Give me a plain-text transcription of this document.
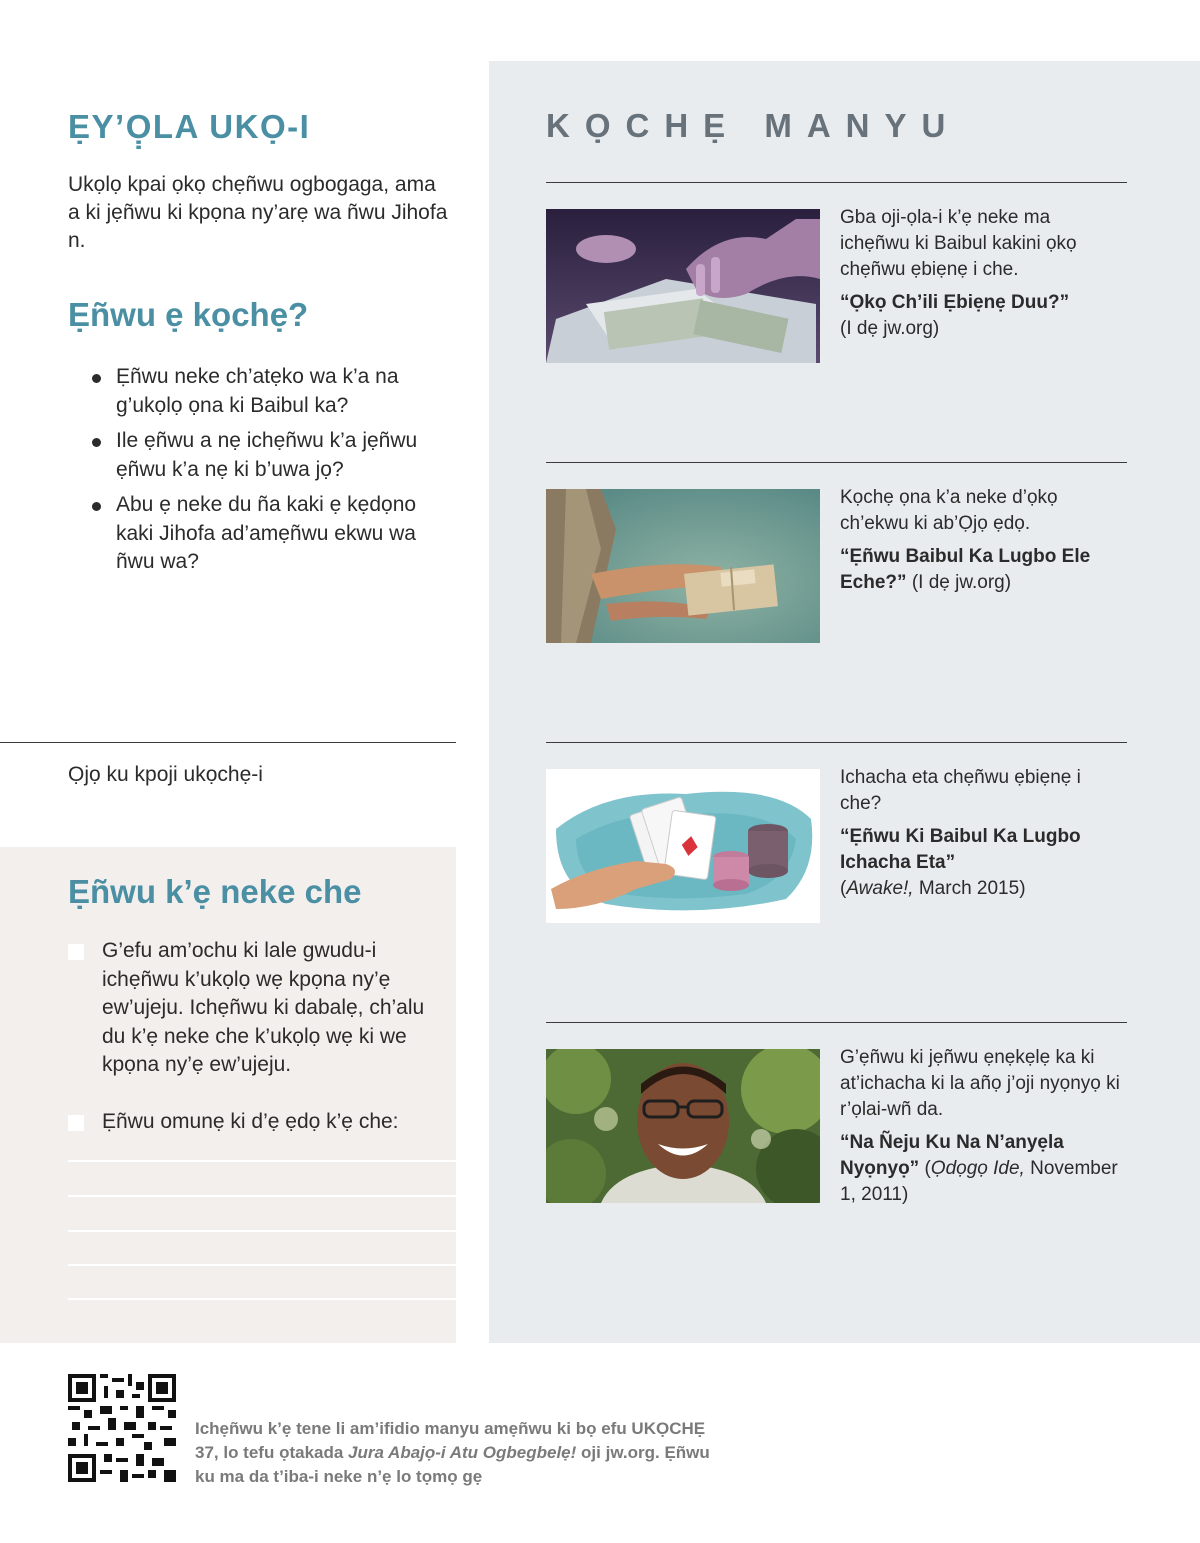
ẸY’Ọ̣LA UKỌ-I

Ukọlọ kpai ọkọ chẹñwu ogbogaga, ama a ki jẹñwu ki kpọna ny’arẹ wa ñwu Jihofa n.

Ẹñwu ẹ kọchẹ?
Ẹñwu neke ch’atẹko wa k’a na g’ukọlọ ọna ki Baibul ka?
Ile ẹñwu a nẹ ichẹñwu k’a jẹñwu ẹñwu k’a nẹ ki b’uwa jọ?
Abu ẹ neke du ña kaki ẹ kẹdọno kaki Jihofa ad’amẹñwu ekwu wa ñwu wa?

Ọjọ ku kpoji ukọchẹ-i

Ẹñwu k’ẹ neke che
G’efu am’ochu ki lale gwudu-i ichẹñwu k’ukọlọ wẹ kpọna ny’ẹ ew’ujeju. Ichẹñwu ki dabalẹ, ch’alu du k’ẹ neke che k’ukọlọ wẹ ki we kpọna ny’ẹ ew’ujeju.
Ẹñwu omunẹ ki d’ẹ ẹdọ k’ẹ che:
KỌCHẸ MANYU

Gba oji-ọla-i k’ẹ neke ma ichẹñwu ki Baibul kakini ọkọ chẹñwu ẹbiẹnẹ i che.

“Ọkọ Ch’ili Ẹbiẹnẹ Duu?”
(I dẹ jw.org)

Kọchẹ ọna k’a neke d’ọkọ ch’ekwu ki ab’Ọjọ ẹdọ.

“Ẹñwu Baibul Ka Lugbo Ele Eche?” (I dẹ jw.org)

Ichacha eta chẹñwu ẹbiẹnẹ i che?

“Ẹñwu Ki Baibul Ka Lugbo Ichacha Eta”
(Awake!, March 2015)

G’ẹñwu ki jẹñwu ẹnẹkẹlẹ ka ki at’ichacha ki la añọ j’oji nyọnyọ ki r’ọlai-wñ da.

“Na Ñeju Ku Na N’anyẹla Nyọnyọ” (Ọdọgọ Ide, November 1, 2011)

Ichẹñwu k’ẹ tene li am’ifidio manyu amẹñwu ki bọ efu UKỌCHẸ 37, lo tefu ọtakada Jura Abajọ-i Atu Ogbegbelẹ! oji jw.org. Ẹñwu ku ma da t’iba-i neke n’ẹ lo tọmọ gẹ
